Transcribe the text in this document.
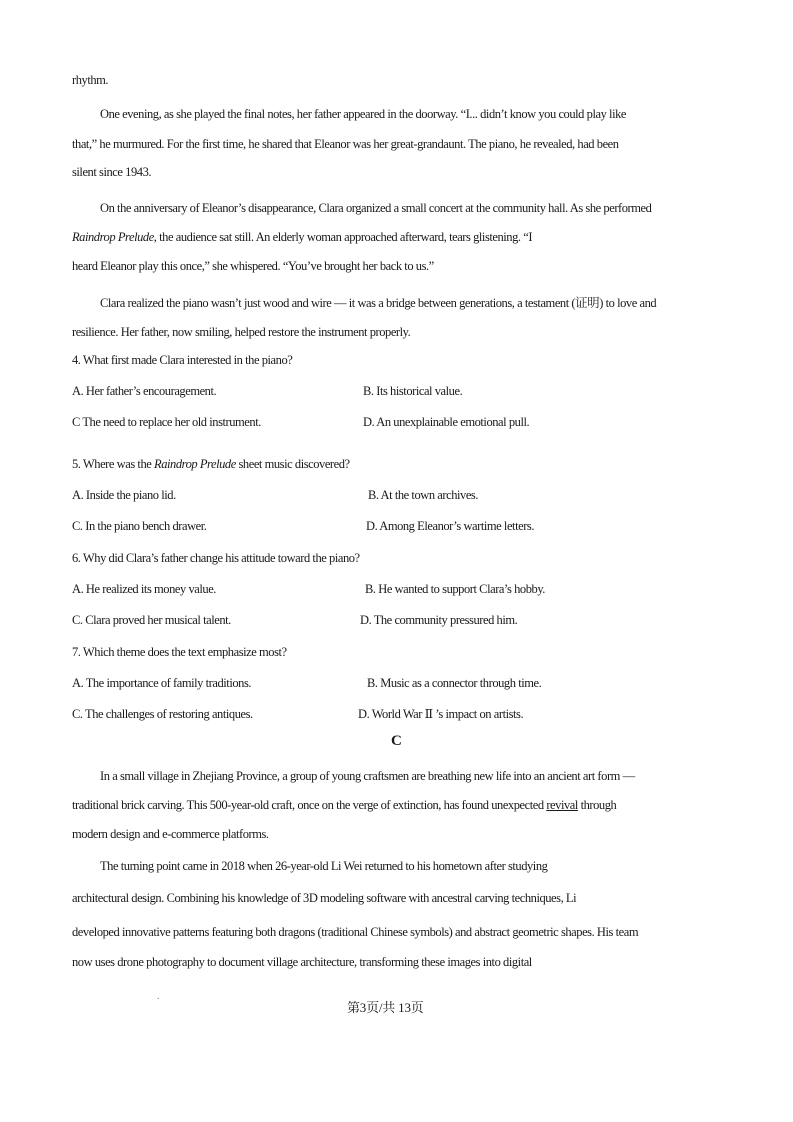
rhythm.
One evening, as she played the final notes, her father appeared in the doorway. “I... didn’t know you could play like
that,” he murmured. For the first time, he shared that Eleanor was her great-grandaunt. The piano, he revealed, had been
silent since 1943.
On the anniversary of Eleanor’s disappearance, Clara organized a small concert at the community hall. As she performed
Raindrop Prelude, the audience sat still. An elderly woman approached afterward, tears glistening. “I
heard Eleanor play this once,” she whispered. “You’ve brought her back to us.”
Clara realized the piano wasn’t just wood and wire — it was a bridge between generations, a testament (证明) to love and
resilience. Her father, now smiling, helped restore the instrument properly.
4. What first made Clara interested in the piano?
A. Her father’s encouragement.	B. Its historical value.
C The need to replace her old instrument.	D. An unexplainable emotional pull.
5. Where was the Raindrop Prelude sheet music discovered?
A. Inside the piano lid.	B. At the town archives.
C. In the piano bench drawer.	D. Among Eleanor’s wartime letters.
6. Why did Clara’s father change his attitude toward the piano?
A. He realized its money value.	B. He wanted to support Clara’s hobby.
C. Clara proved her musical talent.	D. The community pressured him.
7. Which theme does the text emphasize most?
A. The importance of family traditions.	B. Music as a connector through time.
C. The challenges of restoring antiques.	D. World War Ⅱ ’s impact on artists.
C
In a small village in Zhejiang Province, a group of young craftsmen are breathing new life into an ancient art form —
traditional brick carving. This 500-year-old craft, once on the verge of extinction, has found unexpected revival through
modern design and e-commerce platforms.
The turning point came in 2018 when 26-year-old Li Wei returned to his hometown after studying
architectural design. Combining his knowledge of 3D modeling software with ancestral carving techniques, Li
developed innovative patterns featuring both dragons (traditional Chinese symbols) and abstract geometric shapes. His team
now uses drone photography to document village architecture, transforming these images into digital
.
第3页/共 13页
